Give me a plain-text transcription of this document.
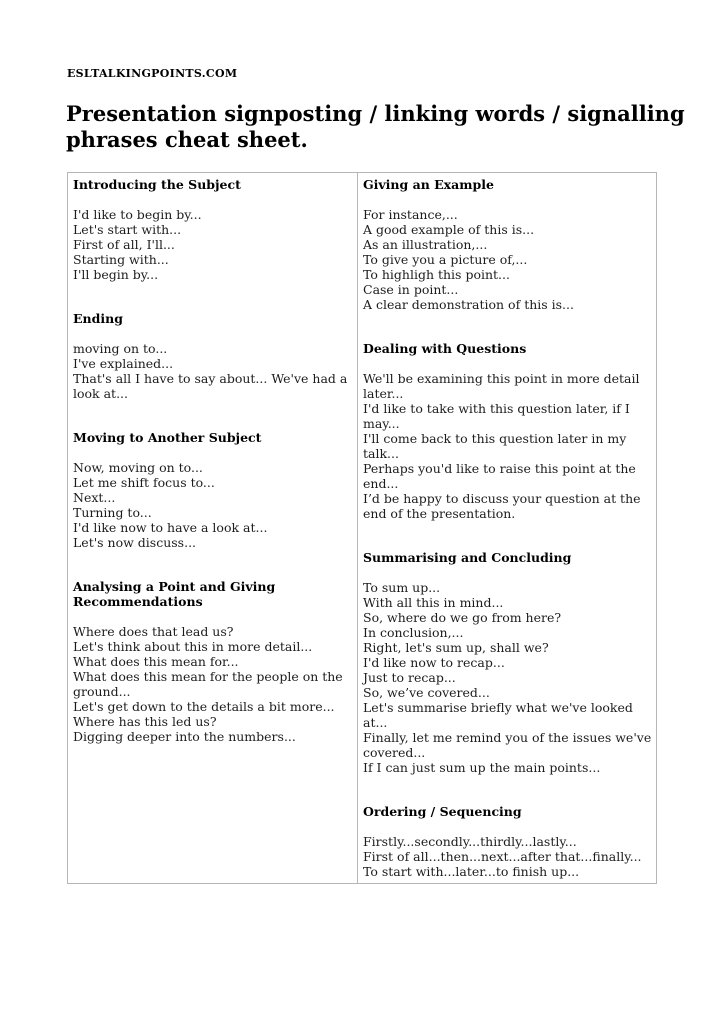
ESLTALKINGPOINTS.COM
Presentation signposting / linking words / signalling phrases cheat sheet.
Introducing the Subject
I'd like to begin by...
Let's start with...
First of all, I'll...
Starting with...
I'll begin by...
Ending
moving on to...
I've explained...
That's all I have to say about... We've had a look at...
Moving to Another Subject
Now, moving on to...
Let me shift focus to...
Next...
Turning to...
I'd like now to have a look at...
Let's now discuss...
Analysing a Point and Giving Recommendations
Where does that lead us?
Let's think about this in more detail...
What does this mean for...
What does this mean for the people on the ground...
Let's get down to the details a bit more...
Where has this led us?
Digging deeper into the numbers...
Giving an Example
For instance,...
A good example of this is...
As an illustration,...
To give you a picture of,...
To highligh this point...
Case in point...
A clear demonstration of this is...
Dealing with Questions
We'll be examining this point in more detail later...
I'd like to take with this question later, if I may...
I'll come back to this question later in my talk...
Perhaps you'd like to raise this point at the end...
I’d be happy to discuss your question at the end of the presentation.
Summarising and Concluding
To sum up...
With all this in mind...
So, where do we go from here?
In conclusion,...
Right, let's sum up, shall we?
I'd like now to recap...
Just to recap...
So, we’ve covered...
Let's summarise briefly what we've looked at...
Finally, let me remind you of the issues we've covered...
If I can just sum up the main points...
Ordering / Sequencing
Firstly...secondly...thirdly...lastly...
First of all...then...next...after that...finally...
To start with...later...to finish up...
